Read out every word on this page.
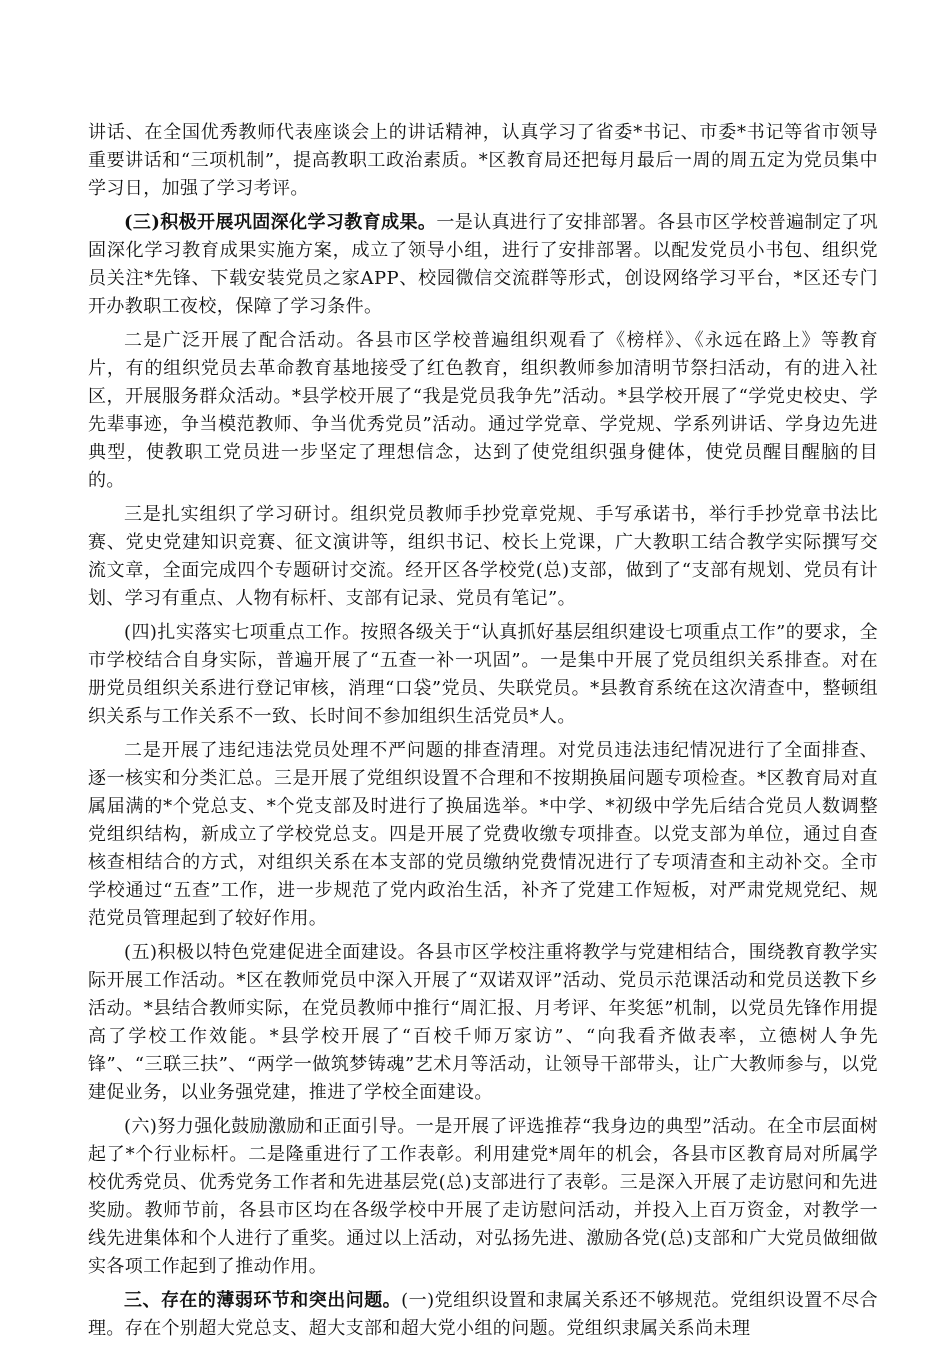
讲话、在全国优秀教师代表座谈会上的讲话精神，认真学习了省委*书记、市委*书记等省市领导重要讲话和“三项机制”，提高教职工政治素质。*区教育局还把每月最后一周的周五定为党员集中学习日，加强了学习考评。

(三)积极开展巩固深化学习教育成果。一是认真进行了安排部署。各县市区学校普遍制定了巩固深化学习教育成果实施方案，成立了领导小组，进行了安排部署。以配发党员小书包、组织党员关注*先锋、下载安装党员之家APP、校园微信交流群等形式，创设网络学习平台，*区还专门开办教职工夜校，保障了学习条件。

二是广泛开展了配合活动。各县市区学校普遍组织观看了《榜样》、《永远在路上》等教育片，有的组织党员去革命教育基地接受了红色教育，组织教师参加清明节祭扫活动，有的进入社区，开展服务群众活动。*县学校开展了“我是党员我争先”活动。*县学校开展了“学党史校史、学先辈事迹，争当模范教师、争当优秀党员”活动。通过学党章、学党规、学系列讲话、学身边先进典型，使教职工党员进一步坚定了理想信念，达到了使党组织强身健体，使党员醒目醒脑的目的。

三是扎实组织了学习研讨。组织党员教师手抄党章党规、手写承诺书，举行手抄党章书法比赛、党史党建知识竞赛、征文演讲等，组织书记、校长上党课，广大教职工结合教学实际撰写交流文章，全面完成四个专题研讨交流。经开区各学校党(总)支部，做到了“支部有规划、党员有计划、学习有重点、人物有标杆、支部有记录、党员有笔记”。

(四)扎实落实七项重点工作。按照各级关于“认真抓好基层组织建设七项重点工作”的要求，全市学校结合自身实际，普遍开展了“五查一补一巩固”。一是集中开展了党员组织关系排查。对在册党员组织关系进行登记审核，消理“口袋”党员、失联党员。*县教育系统在这次清查中，整顿组织关系与工作关系不一致、长时间不参加组织生活党员*人。

二是开展了违纪违法党员处理不严问题的排查清理。对党员违法违纪情况进行了全面排查、逐一核实和分类汇总。三是开展了党组织设置不合理和不按期换届问题专项检查。*区教育局对直属届满的*个党总支、*个党支部及时进行了换届选举。*中学、*初级中学先后结合党员人数调整党组织结构，新成立了学校党总支。四是开展了党费收缴专项排查。以党支部为单位，通过自查核查相结合的方式，对组织关系在本支部的党员缴纳党费情况进行了专项清查和主动补交。全市学校通过“五查”工作，进一步规范了党内政治生活，补齐了党建工作短板，对严肃党规党纪、规范党员管理起到了较好作用。

(五)积极以特色党建促进全面建设。各县市区学校注重将教学与党建相结合，围绕教育教学实际开展工作活动。*区在教师党员中深入开展了“双诺双评”活动、党员示范课活动和党员送教下乡活动。*县结合教师实际，在党员教师中推行“周汇报、月考评、年奖惩”机制，以党员先锋作用提高了学校工作效能。*县学校开展了“百校千师万家访”、“向我看齐做表率，立德树人争先锋”、“三联三扶”、“两学一做筑梦铸魂”艺术月等活动，让领导干部带头，让广大教师参与，以党建促业务，以业务强党建，推进了学校全面建设。

(六)努力强化鼓励激励和正面引导。一是开展了评选推荐“我身边的典型”活动。在全市层面树起了*个行业标杆。二是隆重进行了工作表彰。利用建党*周年的机会，各县市区教育局对所属学校优秀党员、优秀党务工作者和先进基层党(总)支部进行了表彰。三是深入开展了走访慰问和先进奖励。教师节前，各县市区均在各级学校中开展了走访慰问活动，并投入上百万资金，对教学一线先进集体和个人进行了重奖。通过以上活动，对弘扬先进、激励各党(总)支部和广大党员做细做实各项工作起到了推动作用。

三、存在的薄弱环节和突出问题。(一)党组织设置和隶属关系还不够规范。党组织设置不尽合理。存在个别超大党总支、超大支部和超大党小组的问题。党组织隶属关系尚未理
